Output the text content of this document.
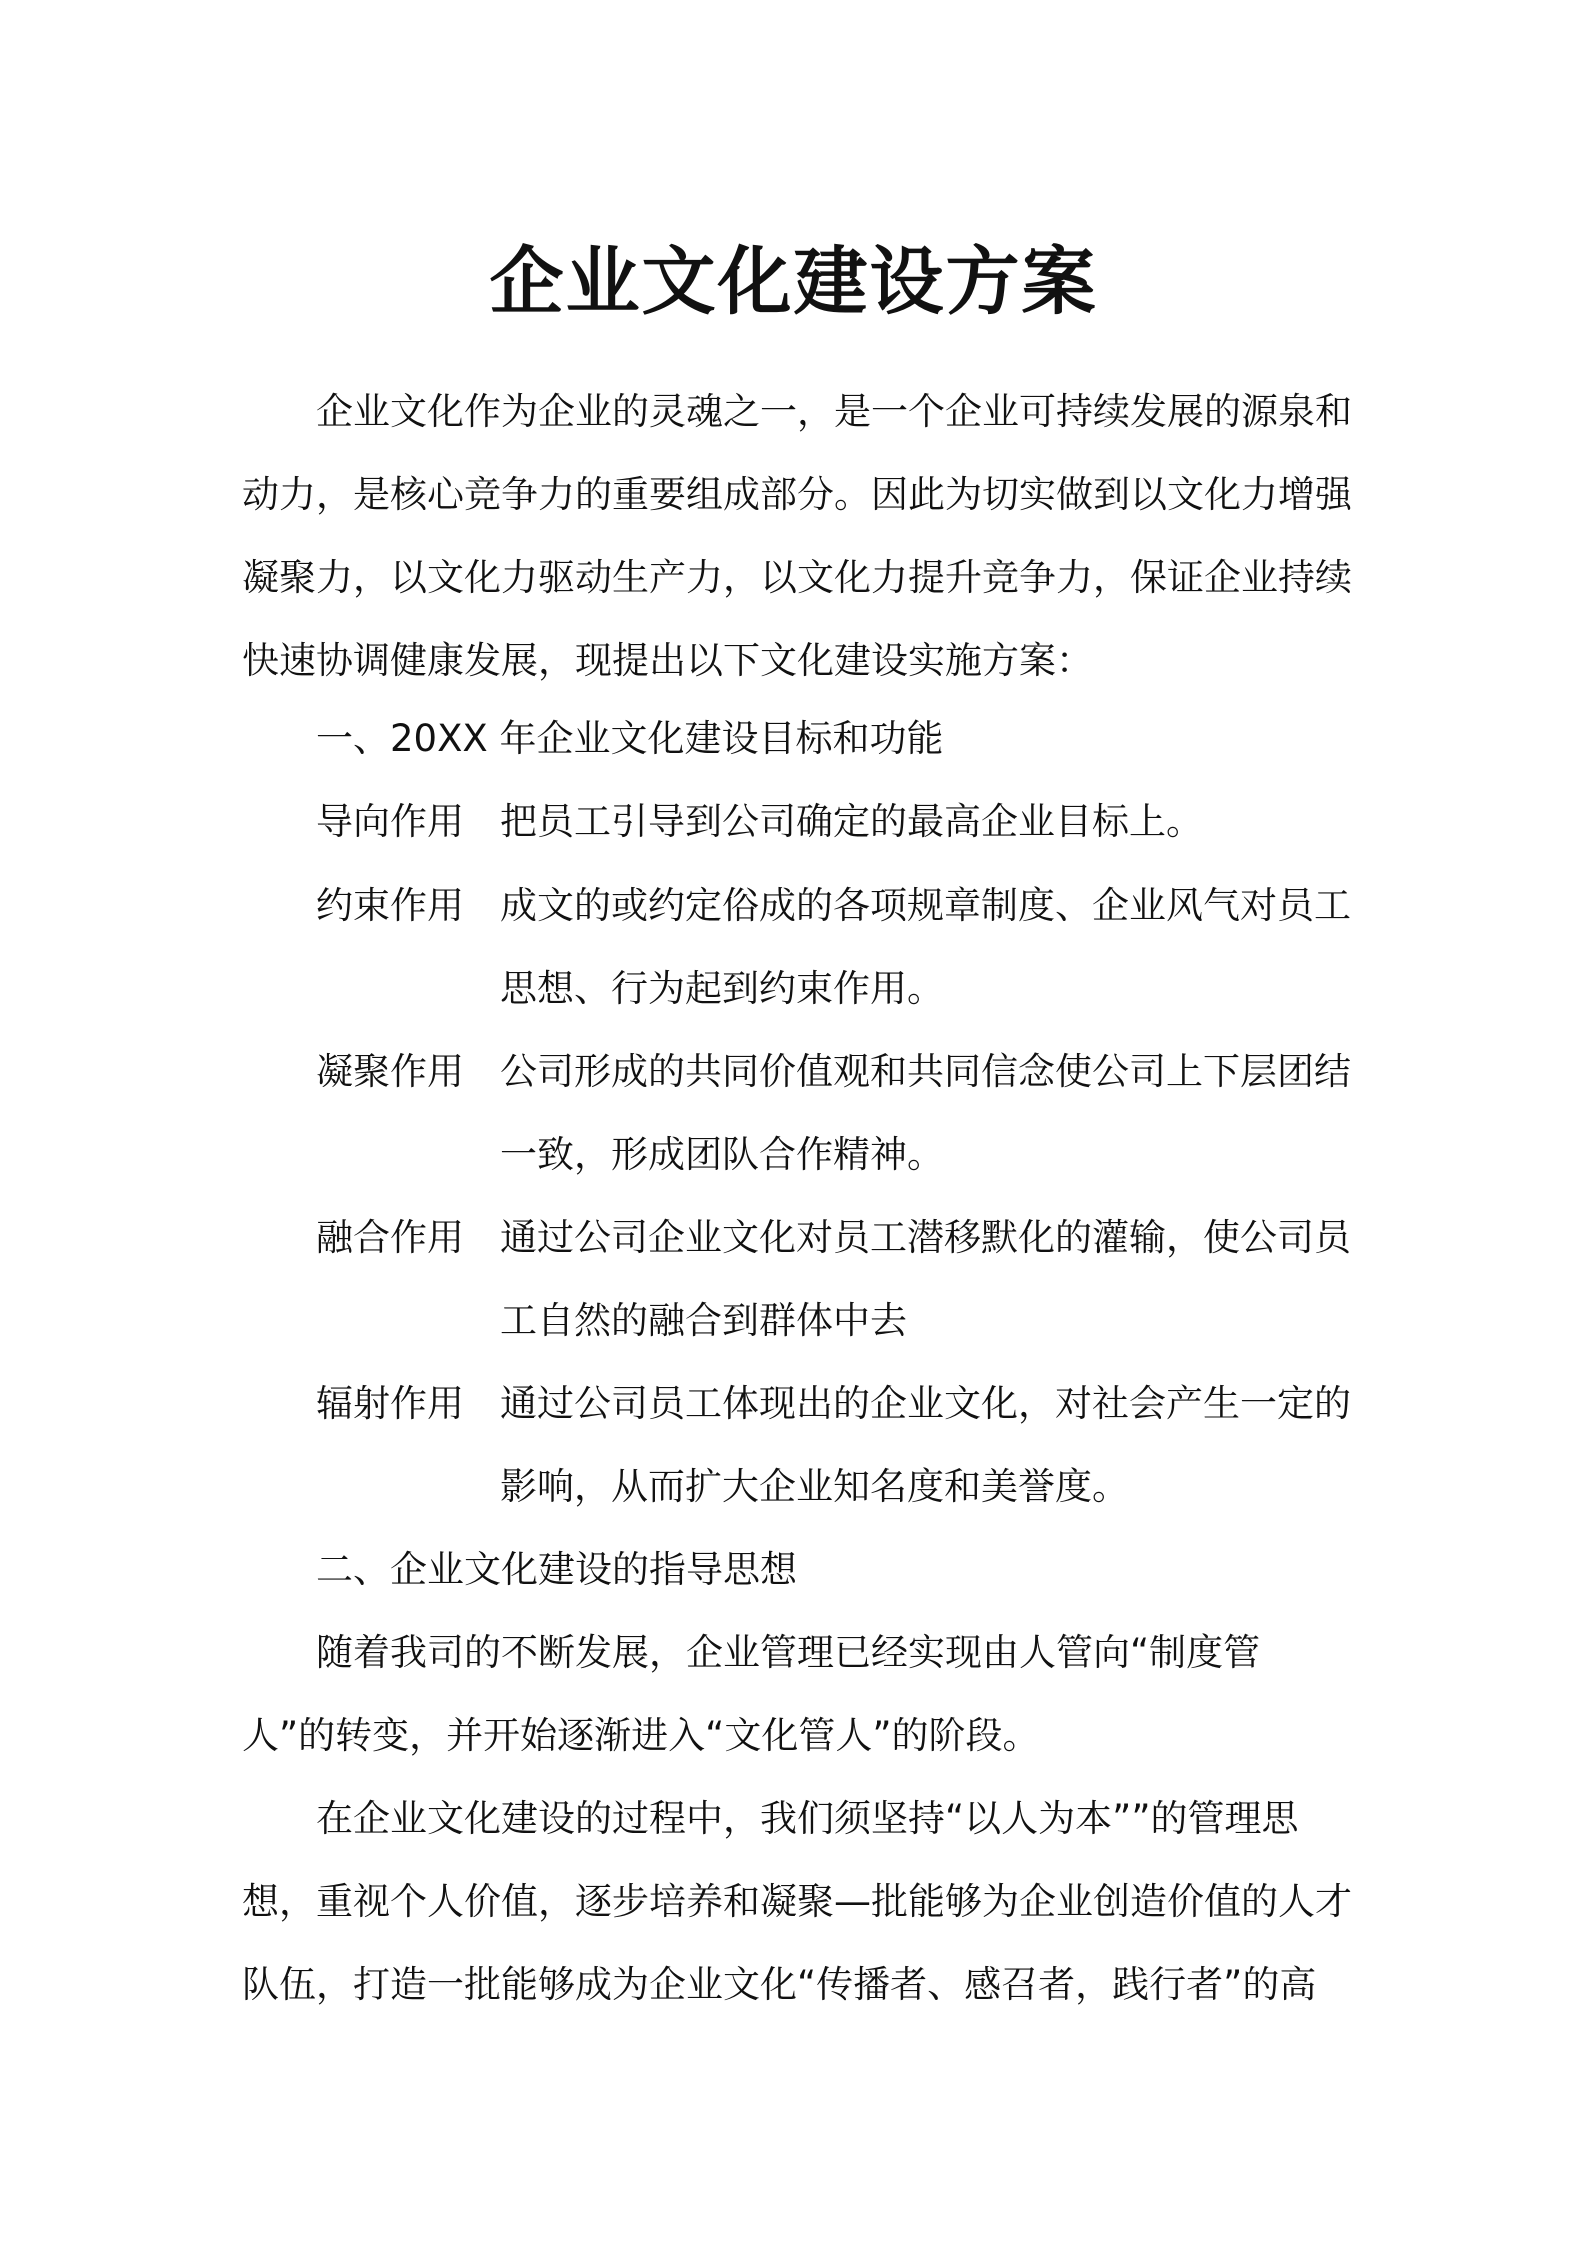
企业文化建设方案

企业文化作为企业的灵魂之一，是一个企业可持续发展的源泉和动力，是核心竞争力的重要组成部分。因此为切实做到以文化力增强凝聚力，以文化力驱动生产力，以文化力提升竞争力，保证企业持续快速协调健康发展，现提出以下文化建设实施方案：

一、20XX 年企业文化建设目标和功能

导向作用 把员工引导到公司确定的最高企业目标上。
约束作用 成文的或约定俗成的各项规章制度、企业风气对员工思想、行为起到约束作用。
凝聚作用 公司形成的共同价值观和共同信念使公司上下层团结一致，形成团队合作精神。
融合作用 通过公司企业文化对员工潜移默化的灌输，使公司员工自然的融合到群体中去
辐射作用 通过公司员工体现出的企业文化，对社会产生一定的影响，从而扩大企业知名度和美誉度。

二、企业文化建设的指导思想

随着我司的不断发展，企业管理已经实现由人管向“制度管人”的转变，并开始逐渐进入“文化管人”的阶段。

在企业文化建设的过程中，我们须坚持“以人为本””的管理思想，重视个人价值，逐步培养和凝聚—批能够为企业创造价值的人才队伍，打造一批能够成为企业文化“传播者、感召者，践行者”的高
